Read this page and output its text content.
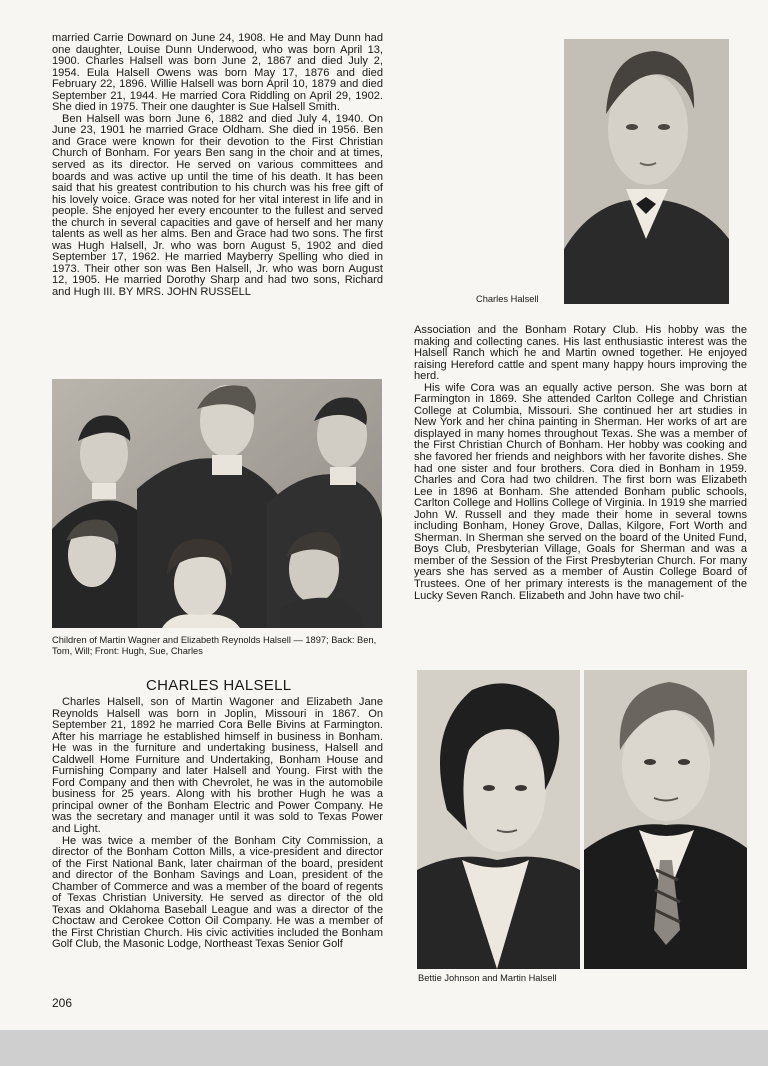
married Carrie Downard on June 24, 1908. He and May Dunn had one daughter, Louise Dunn Underwood, who was born April 13, 1900. Charles Halsell was born June 2, 1867 and died July 2, 1954. Eula Halsell Owens was born May 17, 1876 and died February 22, 1896. Willie Halsell was born April 10, 1879 and died September 21, 1944. He married Cora Riddling on April 29, 1902. She died in 1975. Their one daughter is Sue Halsell Smith.

Ben Halsell was born June 6, 1882 and died July 4, 1940. On June 23, 1901 he married Grace Oldham. She died in 1956. Ben and Grace were known for their devotion to the First Christian Church of Bonham. For years Ben sang in the choir and at times, served as its director. He served on various committees and boards and was active up until the time of his death. It has been said that his greatest contribution to his church was his free gift of his lovely voice. Grace was noted for her vital interest in life and in people. She enjoyed her every encounter to the fullest and served the church in several capacities and gave of herself and her many talents as well as her alms. Ben and Grace had two sons. The first was Hugh Halsell, Jr. who was born August 5, 1902 and died September 17, 1962. He married Mayberry Spelling who died in 1973. Their other son was Ben Halsell, Jr. who was born August 12, 1905. He married Dorothy Sharp and had two sons, Richard and Hugh III. BY MRS. JOHN RUSSELL

Children of Martin Wagner and Elizabeth Reynolds Halsell — 1897; Back: Ben, Tom, Will; Front: Hugh, Sue, Charles

CHARLES HALSELL

Charles Halsell, son of Martin Wagoner and Elizabeth Jane Reynolds Halsell was born in Joplin, Missouri in 1867. On September 21, 1892 he married Cora Belle Bivins at Farmington. After his marriage he established himself in business in Bonham. He was in the furniture and undertaking business, Halsell and Caldwell Home Furniture and Undertaking, Bonham House and Furnishing Company and later Halsell and Young. First with the Ford Company and then with Chevrolet, he was in the automobile business for 25 years. Along with his brother Hugh he was a principal owner of the Bonham Electric and Power Company. He was the secretary and manager until it was sold to Texas Power and Light.

He was twice a member of the Bonham City Commission, a director of the Bonham Cotton Mills, a vice-president and director of the First National Bank, later chairman of the board, president and director of the Bonham Savings and Loan, president of the Chamber of Commerce and was a member of the board of regents of Texas Christian University. He served as director of the old Texas and Oklahoma Baseball League and was a director of the Choctaw and Cerokee Cotton Oil Company. He was a member of the First Christian Church. His civic activities included the Bonham Golf Club, the Masonic Lodge, Northeast Texas Senior Golf

206

Charles Halsell

Association and the Bonham Rotary Club. His hobby was the making and collecting canes. His last enthusiastic interest was the Halsell Ranch which he and Martin owned together. He enjoyed raising Hereford cattle and spent many happy hours improving the herd.

His wife Cora was an equally active person. She was born at Farmington in 1869. She attended Carlton College and Christian College at Columbia, Missouri. She continued her art studies in New York and her china painting in Sherman. Her works of art are displayed in many homes throughout Texas. She was a member of the First Christian Church of Bonham. Her hobby was cooking and she favored her friends and neighbors with her favorite dishes. She had one sister and four brothers. Cora died in Bonham in 1959. Charles and Cora had two children. The first born was Elizabeth Lee in 1896 at Bonham. She attended Bonham public schools, Carlton College and Hollins College of Virginia. In 1919 she married John W. Russell and they made their home in several towns including Bonham, Honey Grove, Dallas, Kilgore, Fort Worth and Sherman. In Sherman she served on the board of the United Fund, Boys Club, Presbyterian Village, Goals for Sherman and was a member of the Session of the First Presbyterian Church. For many years she has served as a member of Austin College Board of Trustees. One of her primary interests is the management of the Lucky Seven Ranch. Elizabeth and John have two chil-

Bettie Johnson and Martin Halsell
